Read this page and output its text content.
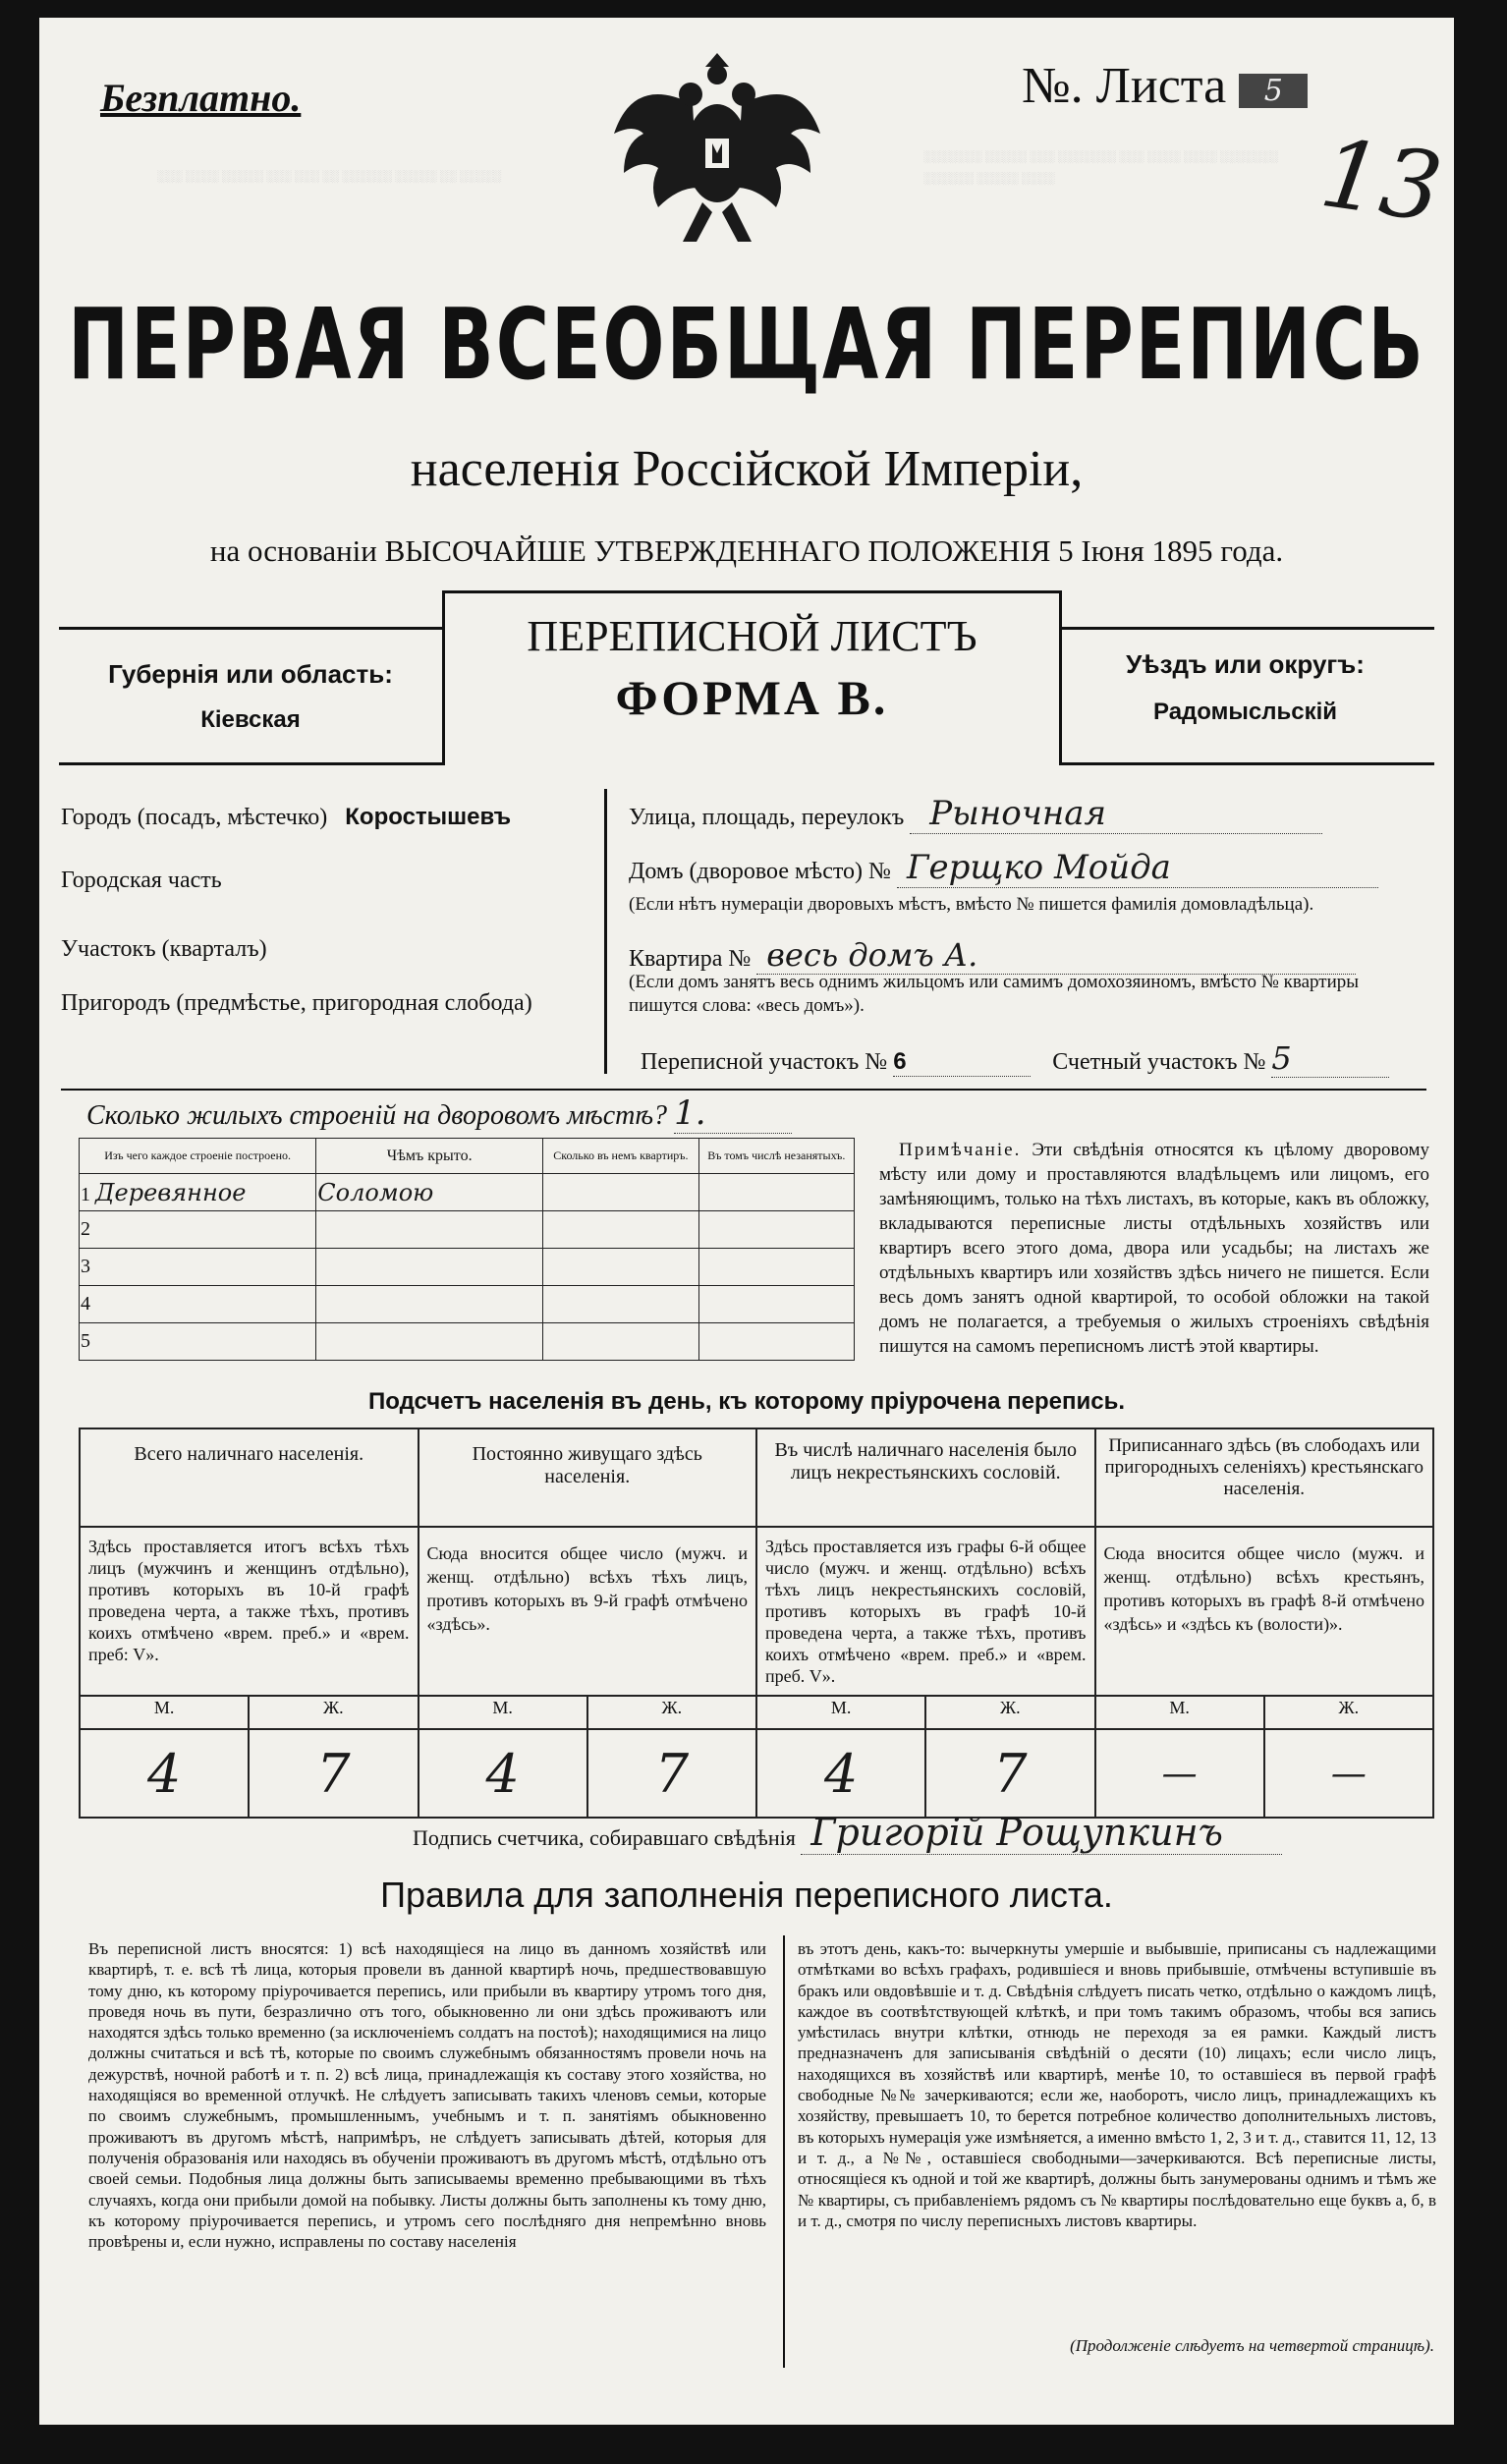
Безплатно.	№. Листа 5
13
░░░ ░░░░ ░░░░░ ░░░ ░░░ ░░ ░░░░░░ ░░░░░ ░░ ░░░░░
░░░░░░░ ░░░░░ ░░░ ░░░░░░░ ░░░ ░░░░ ░░░░ ░░░░░░░ ░░░░░░ ░░░░░ ░░░░
ПЕРВАЯ ВСЕОБЩАЯ ПЕРЕПИСЬ
населенія Россійской Имперіи,
на основаніи ВЫСОЧАЙШЕ УТВЕРЖДЕННАГО ПОЛОЖЕНІЯ 5 Іюня 1895 года.
ПЕРЕПИСНОЙ ЛИСТЪ
ФОРМА В.
Губернія или область:
Кіевская
Уѣздъ или округъ:
Радомысльскій
Городъ (посадъ, мѣстечко) Коростышевъ
Городская часть
Участокъ (кварталъ)
Пригородъ (предмѣстье, пригородная слобода)
Улица, площадь, переулокъ Рыночная
Домъ (дворовое мѣсто) № Герщко Мойда
(Если нѣтъ нумераціи дворовыхъ мѣстъ, вмѣсто № пишется фамилія домовладѣльца).
Квартира № весь домъ А.
(Если домъ занятъ весь однимъ жильцомъ или самимъ домохозяиномъ, вмѣсто № квартиры пишутся слова: «весь домъ»).
Переписной участокъ № 6	Счетный участокъ № 5
Сколько жилыхъ строеній на дворовомъ мѣстѣ? 1.
Изъ чего каждое строеніе построено.	Чѣмъ крыто.	Сколько въ немъ квартиръ.	Въ томъ числѣ незанятыхъ.
1 Деревянное	Соломою		
2			
3			
4			
5			
Примѣчаніе. Эти свѣдѣнія относятся къ цѣлому дворовому мѣсту или дому и проставляются владѣльцемъ или лицомъ, его замѣняющимъ, только на тѣхъ листахъ, въ которые, какъ въ обложку, вкладываются переписные листы отдѣльныхъ хозяйствъ или квартиръ всего этого дома, двора или усадьбы; на листахъ же отдѣльныхъ квартиръ или хозяйствъ здѣсь ничего не пишется. Если весь домъ занятъ одной квартирой, то особой обложки на такой домъ не полагается, а требуемыя о жилыхъ строеніяхъ свѣдѣнія пишутся на самомъ переписномъ листѣ этой квартиры.
Подсчетъ населенія въ день, къ которому пріурочена перепись.
Всего наличнаго населенія.		Постоянно живущаго здѣсь населенія.		Въ числѣ наличнаго населенія было лицъ некрестьянскихъ сословій.		Приписаннаго здѣсь (въ слободахъ или пригородныхъ селеніяхъ) крестьянскаго населенія.	
Здѣсь проставляется итогъ всѣхъ тѣхъ лицъ (мужчинъ и женщинъ отдѣльно), противъ которыхъ въ 10-й графѣ проведена черта, а также тѣхъ, противъ коихъ отмѣчено «врем. преб.» и «врем. преб: V».		Сюда вносится общее число (мужч. и женщ. отдѣльно) всѣхъ тѣхъ лицъ, противъ которыхъ въ 9-й графѣ отмѣчено «здѣсь».		Здѣсь проставляется изъ графы 6-й общее число (мужч. и женщ. отдѣльно) всѣхъ тѣхъ лицъ некрестьянскихъ сословій, противъ которыхъ въ графѣ 10-й проведена черта, а также тѣхъ, противъ коихъ отмѣчено «врем. преб.» и «врем. преб. V».		Сюда вносится общее число (мужч. и женщ. отдѣльно) всѣхъ крестьянъ, противъ которыхъ въ графѣ 8-й отмѣчено «здѣсь» и «здѣсь къ (волости)».	
М.	Ж.	М.	Ж.	М.	Ж.	М.	Ж.
4	7	4	7	4	7	—	—
Подпись счетчика, собиравшаго свѣдѣнія Григорій Рощупкинъ
Правила для заполненія переписного листа.
Въ переписной листъ вносятся: 1) всѣ находящіеся на лицо въ данномъ хозяйствѣ или квартирѣ, т. е. всѣ тѣ лица, которыя провели въ данной квартирѣ ночь, предшествовавшую тому дню, къ которому пріурочивается перепись, или прибыли въ квартиру утромъ того дня, проведя ночь въ пути, безразлично отъ того, обыкновенно ли они здѣсь проживаютъ или находятся здѣсь только временно (за исключеніемъ солдатъ на постоѣ); находящимися на лицо должны считаться и всѣ тѣ, которые по своимъ служебнымъ обязанностямъ провели ночь на дежурствѣ, ночной работѣ и т. п. 2) всѣ лица, принадлежащія къ составу этого хозяйства, но находящіяся во временной отлучкѣ. Не слѣдуетъ записывать такихъ членовъ семьи, которые по своимъ служебнымъ, промышленнымъ, учебнымъ и т. п. занятіямъ обыкновенно проживаютъ въ другомъ мѣстѣ, напримѣръ, не слѣдуетъ записывать дѣтей, которыя для полученія образованія или находясь въ обученіи проживаютъ въ другомъ мѣстѣ, отдѣльно отъ своей семьи. Подобныя лица должны быть записываемы временно пребывающими въ тѣхъ случаяхъ, когда они прибыли домой на побывку. Листы должны быть заполнены къ тому дню, къ которому пріурочивается перепись, и утромъ сего послѣдняго дня непремѣнно вновь провѣрены и, если нужно, исправлены по составу населенія
въ этотъ день, какъ-то: вычеркнуты умершіе и выбывшіе, приписаны съ надлежащими отмѣтками во всѣхъ графахъ, родившіеся и вновь прибывшіе, отмѣчены вступившіе въ бракъ или овдовѣвшіе и т. д. Свѣдѣнія слѣдуетъ писать четко, отдѣльно о каждомъ лицѣ, каждое въ соотвѣтствующей клѣткѣ, и при томъ такимъ образомъ, чтобы вся запись умѣстилась внутри клѣтки, отнюдь не переходя за ея рамки. Каждый листъ предназначенъ для записыванія свѣдѣній о десяти (10) лицахъ; если число лицъ, находящихся въ хозяйствѣ или квартирѣ, менѣе 10, то оставшіеся въ первой графѣ свободные №№ зачеркиваются; если же, наоборотъ, число лицъ, принадлежащихъ къ хозяйству, превышаетъ 10, то берется потребное количество дополнительныхъ листовъ, въ которыхъ нумерація уже измѣняется, а именно вмѣсто 1, 2, 3 и т. д., ставится 11, 12, 13 и т. д., а №№, оставшіеся свободными—зачеркиваются. Всѣ переписные листы, относящіеся къ одной и той же квартирѣ, должны быть занумерованы однимъ и тѣмъ же № квартиры, съ прибавленіемъ рядомъ съ № квартиры послѣдовательно еще буквъ а, б, в и т. д., смотря по числу переписныхъ листовъ квартиры.
(Продолженіе слѣдуетъ на четвертой страницѣ).
